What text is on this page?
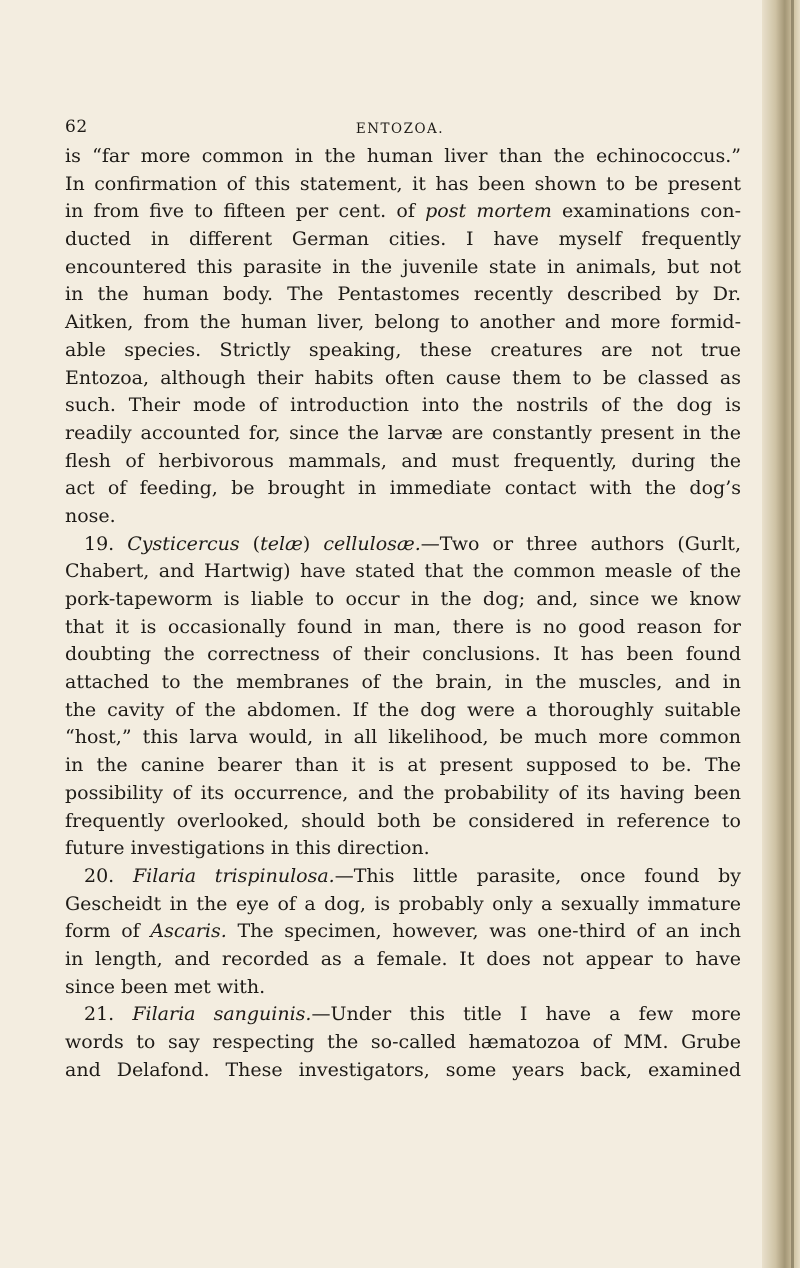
62	ENTOZOA.
is “far more common in the human liver than the echinococcus.”
In confirmation of this statement, it has been shown to be present
in from five to fifteen per cent. of post mortem examinations con-
ducted in different German cities. I have myself frequently
encountered this parasite in the juvenile state in animals, but not
in the human body. The Pentastomes recently described by Dr.
Aitken, from the human liver, belong to another and more formid-
able species. Strictly speaking, these creatures are not true
Entozoa, although their habits often cause them to be classed as
such. Their mode of introduction into the nostrils of the dog is
readily accounted for, since the larvæ are constantly present in the
flesh of herbivorous mammals, and must frequently, during the
act of feeding, be brought in immediate contact with the dog’s
nose.
19. Cysticercus (telæ) cellulosæ.—Two or three authors (Gurlt,
Chabert, and Hartwig) have stated that the common measle of the
pork-tapeworm is liable to occur in the dog; and, since we know
that it is occasionally found in man, there is no good reason for
doubting the correctness of their conclusions. It has been found
attached to the membranes of the brain, in the muscles, and in
the cavity of the abdomen. If the dog were a thoroughly suitable
“host,” this larva would, in all likelihood, be much more common
in the canine bearer than it is at present supposed to be. The
possibility of its occurrence, and the probability of its having been
frequently overlooked, should both be considered in reference to
future investigations in this direction.
20. Filaria trispinulosa.—This little parasite, once found by
Gescheidt in the eye of a dog, is probably only a sexually immature
form of Ascaris. The specimen, however, was one-third of an inch
in length, and recorded as a female. It does not appear to have
since been met with.
21. Filaria sanguinis.—Under this title I have a few more
words to say respecting the so-called hæmatozoa of MM. Grube
and Delafond. These investigators, some years back, examined
